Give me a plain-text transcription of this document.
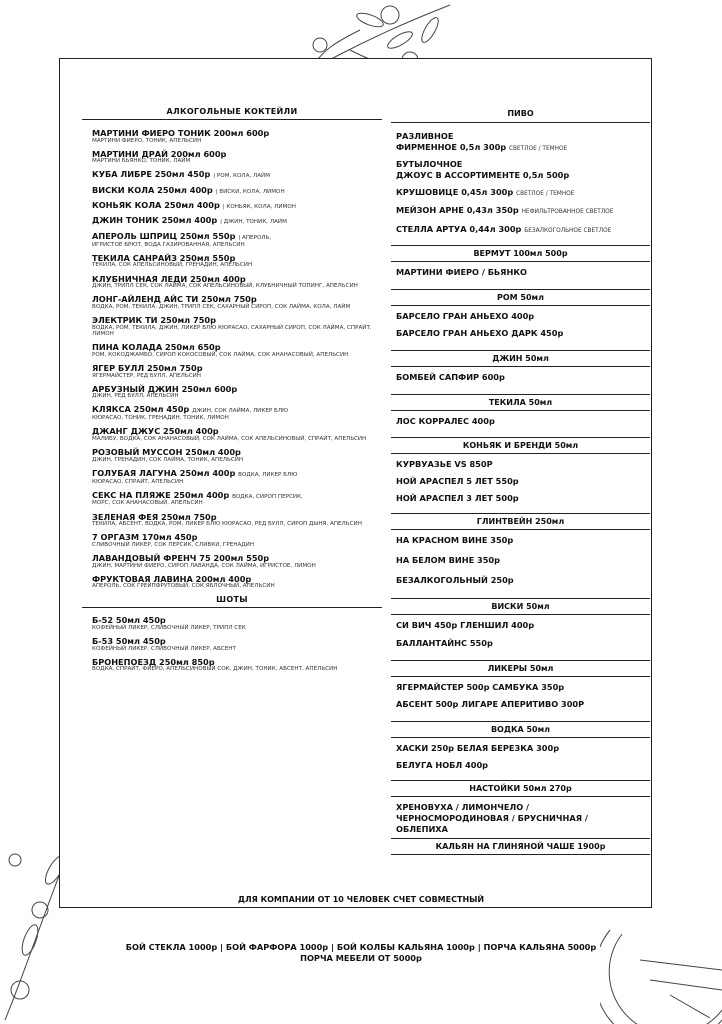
АЛКОГОЛЬНЫЕ КОКТЕЙЛИ
МАРТИНИ ФИЕРО ТОНИК 200мл 600р
МАРТИНИ ФИЕРО, ТОНИК, АПЕЛЬСИН
МАРТИНИ ДРАЙ 200мл 600р
МАРТИНИ БЬЯНКО, ТОНИК, ЛАЙМ
КУБА ЛИБРЕ 250мл 450р | РОМ, КОЛА, ЛАЙМ
ВИСКИ КОЛА 250мл 400р | ВИСКИ, КОЛА, ЛИМОН
КОНЬЯК КОЛА 250мл 400р | КОНЬЯК, КОЛА, ЛИМОН
ДЖИН ТОНИК 250мл 400р | ДЖИН, ТОНИК, ЛАЙМ
АПЕРОЛЬ ШПРИЦ 250мл 550р | АПЕРОЛЬ,
ИГРИСТОЕ БРЮТ, ВОДА ГАЗИРОВАННАЯ, АПЕЛЬСИН
ТЕКИЛА САНРАЙЗ 250мл 550р
ТЕКИЛА, СОК АПЕЛЬСИНОВЫЙ, ГРЕНАДИН, АПЕЛЬСИН
КЛУБНИЧНАЯ ЛЕДИ 250мл 400р
ДЖИН, ТРИПЛ СЕК, СОК ЛАЙМА, СОК АПЕЛЬСИНОВЫЙ, КЛУБНИЧНЫЙ ТОПИНГ, АПЕЛЬСИН
ЛОНГ-АЙЛЕНД АЙС ТИ 250мл 750р
ВОДКА, РОМ, ТЕКИЛА, ДЖИН, ТРИПЛ СЕК, САХАРНЫЙ СИРОП, СОК ЛАЙМА, КОЛА, ЛАЙМ
ЭЛЕКТРИК ТИ 250мл 750р
ВОДКА, РОМ, ТЕКИЛА, ДЖИН, ЛИКЕР БЛЮ КЮРАСАО, САХАРНЫЙ СИРОП, СОК ЛАЙМА, СПРАЙТ, ЛИМОН
ПИНА КОЛАДА 250мл 650р
РОМ, КОКОДЖАМБО, СИРОП КОКОСОВЫЙ, СОК ЛАЙМА, СОК АНАНАСОВЫЙ, АПЕЛЬСИН
ЯГЕР БУЛЛ 250мл 750р
ЯГЕРМАЙСТЕР, РЕД БУЛЛ, АПЕЛЬСИН
АРБУЗНЫЙ ДЖИН 250мл 600р
ДЖИН, РЕД БУЛЛ, АПЕЛЬСИН
КЛЯКСА 250мл 450р ДЖИН, СОК ЛАЙМА, ЛИКЕР БЛЮ
КЮРАСАО, ТОНИК, ГРЕНАДИН, ТОНИК, ЛИМОН
ДЖАНГ ДЖУС 250мл 400р
МАЛИБУ, ВОДКА, СОК АНАНАСОВЫЙ, СОК ЛАЙМА, СОК АПЕЛЬСИНОВЫЙ, СПРАЙТ, АПЕЛЬСИН
РОЗОВЫЙ МУССОН 250мл 400р
ДЖИН, ГРЕНАДИН, СОК ЛАЙМА, ТОНИК, АПЕЛЬСИН
ГОЛУБАЯ ЛАГУНА 250мл 400р ВОДКА, ЛИКЕР БЛЮ
КЮРАСАО, СПРАЙТ, АПЕЛЬСИН
СЕКС НА ПЛЯЖЕ 250мл 400р ВОДКА, СИРОП ПЕРСИК,
МОРС, СОК АНАНАСОВЫЙ, АПЕЛЬСИН
ЗЕЛЕНАЯ ФЕЯ 250мл 750р
ТЕКИЛА, АБСЕНТ, ВОДКА, РОМ, ЛИКЕР БЛЮ КЮРАСАО, РЕД БУЛЛ, СИРОП ДЫНЯ, АПЕЛЬСИН
7 ОРГАЗМ 170мл 450р
СЛИВОЧНЫЙ ЛИКЕР, СОК ПЕРСИК, СЛИВКИ, ГРЕНАДИН
ЛАВАНДОВЫЙ ФРЕНЧ 75 200мл 550р
ДЖИН, МАРТИНИ ФИЕРО, СИРОП ЛАВАНДА, СОК ЛАЙМА, ИГРИСТОЕ, ЛИМОН
ФРУКТОВАЯ ЛАВИНА 200мл 400р
АПЕРОЛЬ, СОК ГРЕЙПФРУТОВЫЙ, СОК ЯБЛОЧНЫЙ, АПЕЛЬСИН
ШОТЫ
Б-52 50мл 450р
КОФЕЙНЫЙ ЛИКЕР, СЛИВОЧНЫЙ ЛИКЕР, ТРИПЛ СЕК
Б-53 50мл 450р
КОФЕЙНЫЙ ЛИКЕР, СЛИВОЧНЫЙ ЛИКЕР, АБСЕНТ
БРОНЕПОЕЗД 250мл 850р
ВОДКА, СПРАЙТ, ФИЕРО, АПЕЛЬСИНОВЫЙ СОК, ДЖИН, ТОНИК, АБСЕНТ, АПЕЛЬСИН
ПИВО
РАЗЛИВНОЕ
ФИРМЕННОЕ 0,5л 300р СВЕТЛОЕ / ТЕМНОЕ
БУТЫЛОЧНОЕ
ДЖОУС В АССОРТИМЕНТЕ 0,5л 500р
КРУШОВИЦЕ 0,45л 300р СВЕТЛОЕ / ТЕМНОЕ
МЕЙЗОН АРНЕ 0,43л 350р НЕФИЛЬТРОВАННОЕ СВЕТЛОЕ
СТЕЛЛА АРТУА 0,44л 300р БЕЗАЛКОГОЛЬНОЕ СВЕТЛОЕ
ВЕРМУТ 100мл 500р
МАРТИНИ ФИЕРО / БЬЯНКО
РОМ 50мл
БАРСЕЛО ГРАН АНЬЕХО 400р
БАРСЕЛО ГРАН АНЬЕХО ДАРК 450р
ДЖИН 50мл
БОМБЕЙ САПФИР 600р
ТЕКИЛА 50мл
ЛОС КОРРАЛЕС 400р
КОНЬЯК И БРЕНДИ 50мл
КУРВУАЗЬЕ VS 850Р
НОЙ АРАСПЕЛ 5 ЛЕТ 550р
НОЙ АРАСПЕЛ 3 ЛЕТ 500р
ГЛИНТВЕЙН 250мл
НА КРАСНОМ ВИНЕ 350р
НА БЕЛОМ ВИНЕ 350р
БЕЗАЛКОГОЛЬНЫЙ 250р
ВИСКИ 50мл
СИ ВИЧ 450р ГЛЕНШИЛ 400р
БАЛЛАНТАЙНС 550р
ЛИКЕРЫ 50мл
ЯГЕРМАЙСТЕР 500р САМБУКА 350р
АБСЕНТ 500р ЛИГАРЕ АПЕРИТИВО 300Р
ВОДКА 50мл
ХАСКИ 250р БЕЛАЯ БЕРЕЗКА 300р
БЕЛУГА НОБЛ 400р
НАСТОЙКИ 50мл 270р
ХРЕНОВУХА / ЛИМОНЧЕЛО /
ЧЕРНОСМОРОДИНОВАЯ / БРУСНИЧНАЯ /
ОБЛЕПИХА
КАЛЬЯН НА ГЛИНЯНОЙ ЧАШЕ 1900р
ДЛЯ КОМПАНИИ ОТ 10 ЧЕЛОВЕК СЧЕТ СОВМЕСТНЫЙ
БОЙ СТЕКЛА 1000р | БОЙ ФАРФОРА 1000р | БОЙ КОЛБЫ КАЛЬЯНА 1000р | ПОРЧА КАЛЬЯНА 5000р
ПОРЧА МЕБЕЛИ ОТ 5000р
